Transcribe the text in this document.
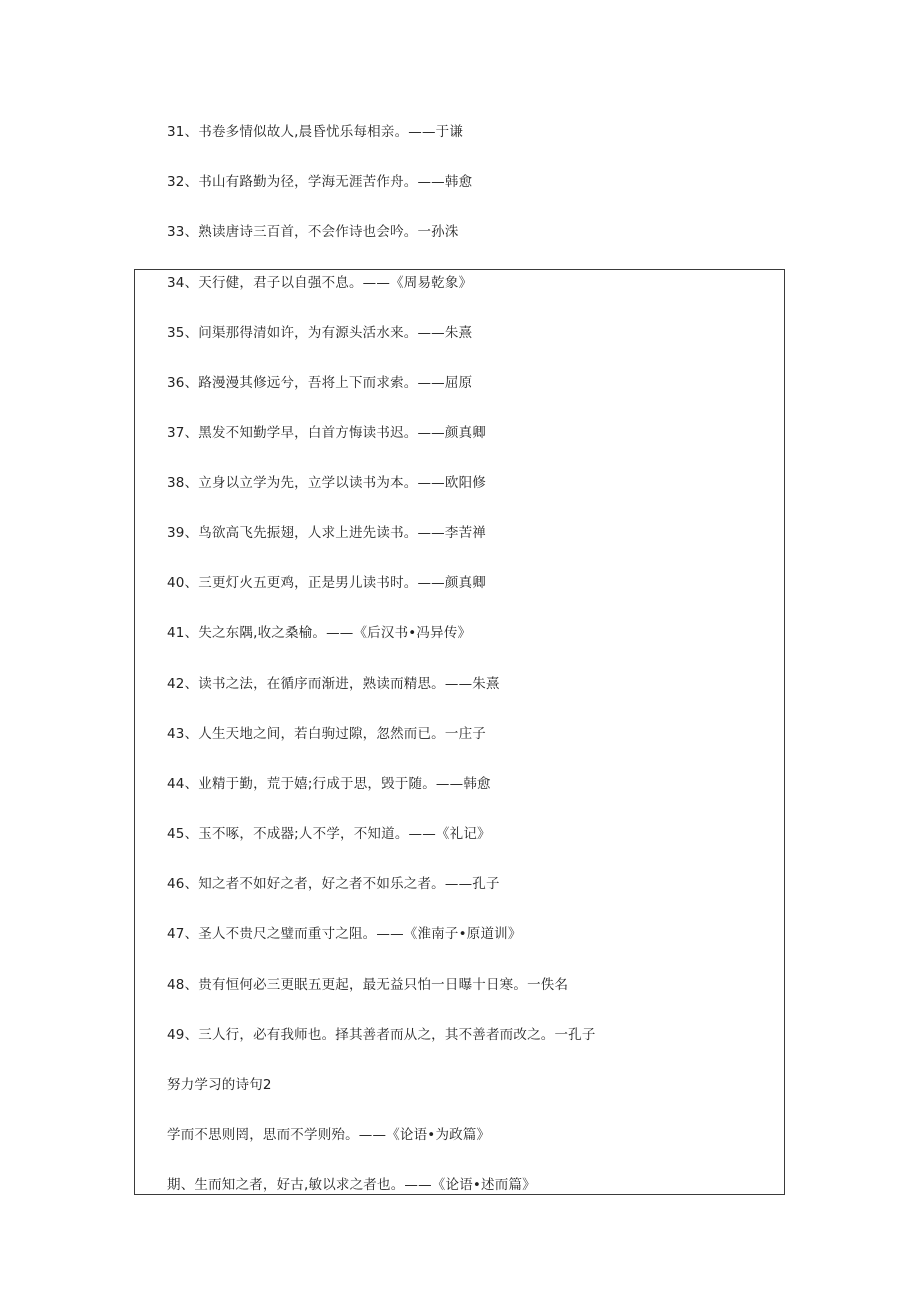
31、书卷多情似故人,晨昏忧乐每相亲。——于谦
32、书山有路勤为径，学海无涯苦作舟。——韩愈
33、熟读唐诗三百首，不会作诗也会吟。一孙洙
34、天行健，君子以自强不息。——《周易乾象》
35、问渠那得清如许，为有源头活水来。——朱熹
36、路漫漫其修远兮，吾将上下而求索。——屈原
37、黑发不知勤学早，白首方悔读书迟。——颜真卿
38、立身以立学为先，立学以读书为本。——欧阳修
39、鸟欲高飞先振翅，人求上进先读书。——李苦禅
40、三更灯火五更鸡，正是男儿读书时。——颜真卿
41、失之东隅,收之桑榆。——《后汉书•冯异传》
42、读书之法，在循序而渐进，熟读而精思。——朱熹
43、人生天地之间，若白驹过隙，忽然而已。一庄子
44、业精于勤，荒于嬉;行成于思，毁于随。——韩愈
45、玉不啄，不成器;人不学，不知道。——《礼记》
46、知之者不如好之者，好之者不如乐之者。——孔子
47、圣人不贵尺之璧而重寸之阻。——《淮南子•原道训》
48、贵有恒何必三更眠五更起，最无益只怕一日曝十日寒。一佚名
49、三人行，必有我师也。择其善者而从之，其不善者而改之。一孔子
努力学习的诗句2
学而不思则罔，思而不学则殆。——《论语•为政篇》
期、生而知之者，好古,敏以求之者也。——《论语•述而篇》
